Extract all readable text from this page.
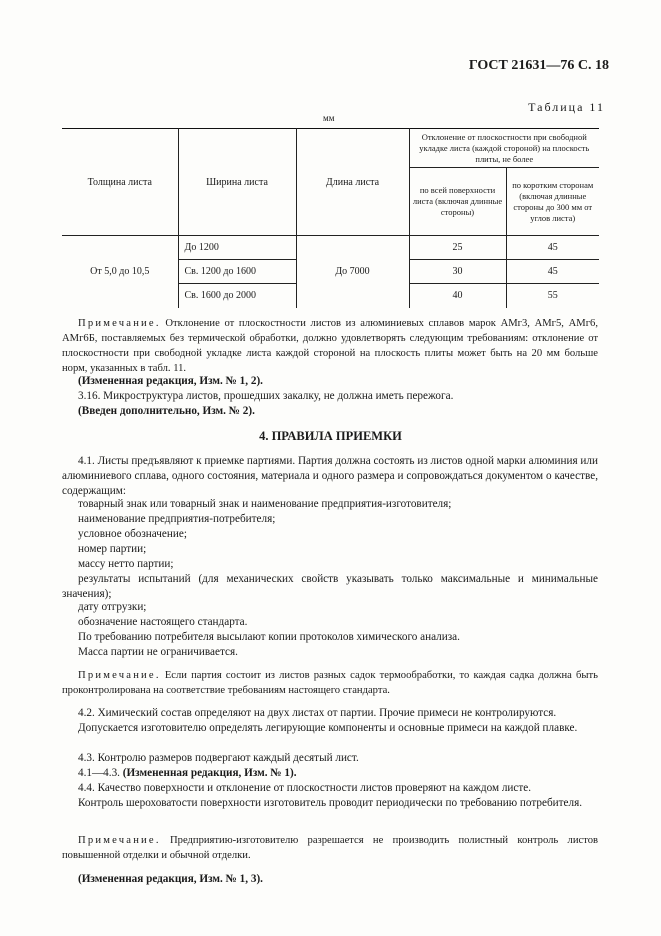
ГОСТ 21631—76 С. 18
Таблица 11
мм
Толщина листа	Ширина листа	Длина листа	Отклонение от плоскостности при свободной укладке листа (каждой стороной) на плоскость плиты, не более	
			по всей поверхности листа (включая длинные стороны)	по коротким сторонам (включая длинные стороны до 300 мм от углов листа)
От 5,0 до 10,5	До 1200	До 7000	25	45
	Св. 1200 до 1600		30	45
	Св. 1600 до 2000		40	55
Примечание. Отклонение от плоскостности листов из алюминиевых сплавов марок АМг3, АМг5, АМг6, АМг6Б, поставляемых без термической обработки, должно удовлетворять следующим требованиям: отклонение от плоскостности при свободной укладке листа каждой стороной на плоскость плиты может быть на 20 мм больше норм, указанных в табл. 11.
(Измененная редакция, Изм. № 1, 2).
3.16. Микроструктура листов, прошедших закалку, не должна иметь пережога.
(Введен дополнительно, Изм. № 2).
4. ПРАВИЛА ПРИЕМКИ
4.1. Листы предъявляют к приемке партиями. Партия должна состоять из листов одной марки алюминия или алюминиевого сплава, одного состояния, материала и одного размера и сопровождаться документом о качестве, содержащим:
товарный знак или товарный знак и наименование предприятия-изготовителя;
наименование предприятия-потребителя;
условное обозначение;
номер партии;
массу нетто партии;
результаты испытаний (для механических свойств указывать только максимальные и минимальные значения);
дату отгрузки;
обозначение настоящего стандарта.
По требованию потребителя высылают копии протоколов химического анализа.
Масса партии не ограничивается.
Примечание. Если партия состоит из листов разных садок термообработки, то каждая садка должна быть проконтролирована на соответствие требованиям настоящего стандарта.
4.2. Химический состав определяют на двух листах от партии. Прочие примеси не контролируются.
Допускается изготовителю определять легирующие компоненты и основные примеси на каждой плавке.
4.3. Контролю размеров подвергают каждый десятый лист.
4.1—4.3. (Измененная редакция, Изм. № 1).
4.4. Качество поверхности и отклонение от плоскостности листов проверяют на каждом листе.
Контроль шероховатости поверхности изготовитель проводит периодически по требованию потребителя.
Примечание. Предприятию-изготовителю разрешается не производить полистный контроль листов повышенной отделки и обычной отделки.
(Измененная редакция, Изм. № 1, 3).
